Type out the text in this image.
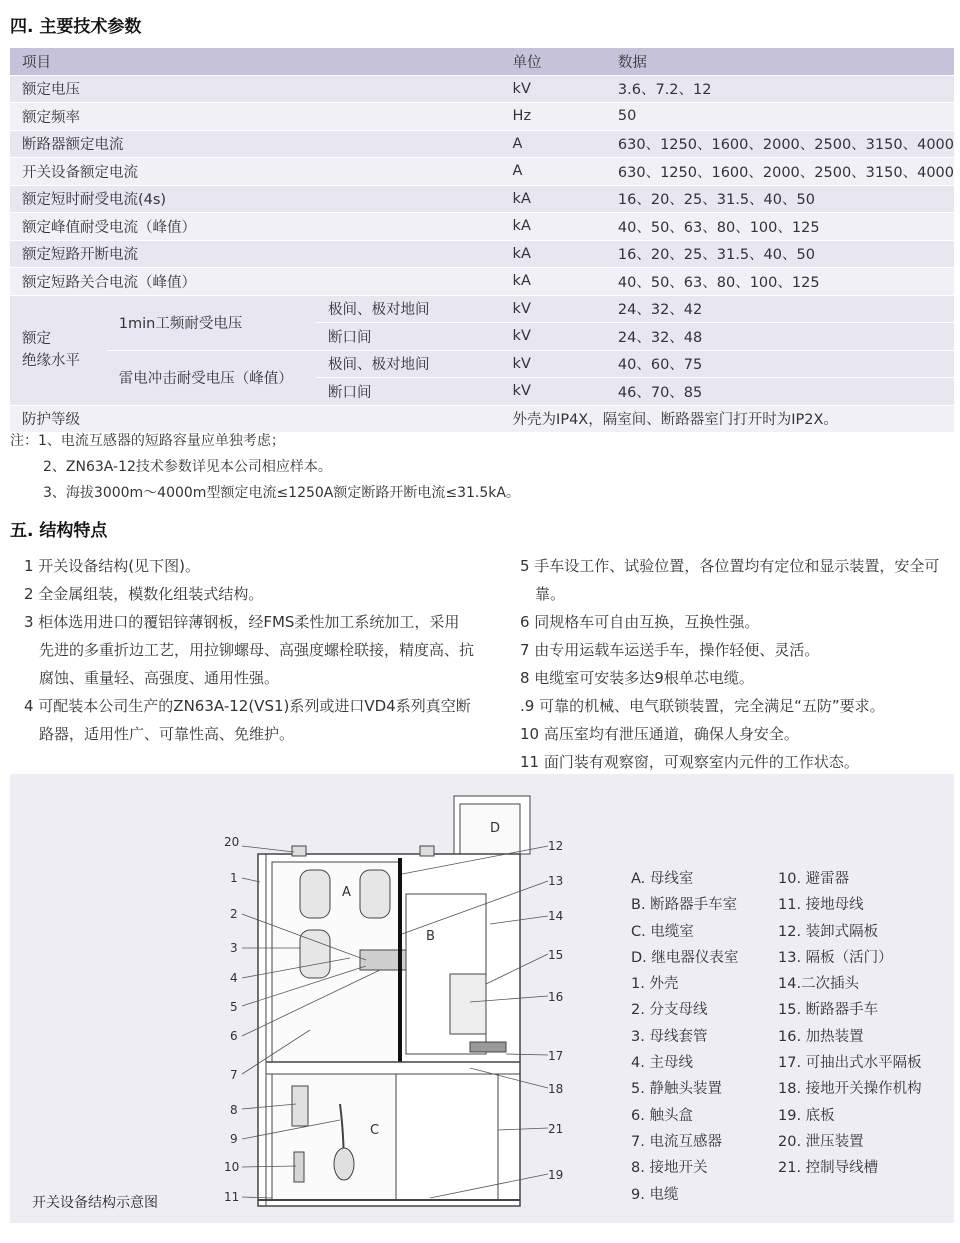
四. 主要技术参数
项目			单位	数据
额定电压			kV	3.6、7.2、12
额定频率			Hz	50
断路器额定电流			A	630、1250、1600、2000、2500、3150、4000
开关设备额定电流			A	630、1250、1600、2000、2500、3150、4000
额定短时耐受电流(4s)			kA	16、20、25、31.5、40、50
额定峰值耐受电流（峰值）			kA	40、50、63、80、100、125
额定短路开断电流			kA	16、20、25、31.5、40、50
额定短路关合电流（峰值）			kA	40、50、63、80、100、125
额定
绝缘水平	1min工频耐受电压	极间、极对地间	kV	24、32、42
		断口间	kV	24、32、48
	雷电冲击耐受电压（峰值）	极间、极对地间	kV	40、60、75
		断口间	kV	46、70、85
防护等级			外壳为IP4X，隔室间、断路器室门打开时为IP2X。	
注：1、电流互感器的短路容量应单独考虑；
2、ZN63A-12技术参数详见本公司相应样本。
3、海拔3000m～4000m型额定电流≤1250A额定断路开断电流≤31.5kA。
五. 结构特点
1 开关设备结构(见下图)。
2 全金属组装，模数化组装式结构。
3 柜体选用进口的覆铝锌薄钢板，经FMS柔性加工系统加工，采用先进的多重折边工艺，用拉铆螺母、高强度螺栓联接，精度高、抗腐蚀、重量轻、高强度、通用性强。
4 可配装本公司生产的ZN63A-12(VS1)系列或进口VD4系列真空断路器，适用性广、可靠性高、免维护。
5 手车设工作、试验位置，各位置均有定位和显示装置，安全可靠。
6 同规格车可自由互换，互换性强。
7 由专用运载车运送手车，操作轻便、灵活。
8 电缆室可安装多达9根单芯电缆。
.9 可靠的机械、电气联锁装置，完全满足“五防”要求。
10 高压室均有泄压通道，确保人身安全。
11 面门装有观察窗，可观察室内元件的工作状态。
A
B
C
D
20
1
2
3
4
5
6
7
8
9
10
11
12
13
14
15
16
17
18
21
19
A. 母线室
B. 断路器手车室
C. 电缆室
D. 继电器仪表室
1. 外壳
2. 分支母线
3. 母线套管
4. 主母线
5. 静触头装置
6. 触头盒
7. 电流互感器
8. 接地开关
9. 电缆
10. 避雷器
11. 接地母线
12. 装卸式隔板
13. 隔板（活门）
14.二次插头
15. 断路器手车
16. 加热装置
17. 可抽出式水平隔板
18. 接地开关操作机构
19. 底板
20. 泄压装置
21. 控制导线槽
开关设备结构示意图
